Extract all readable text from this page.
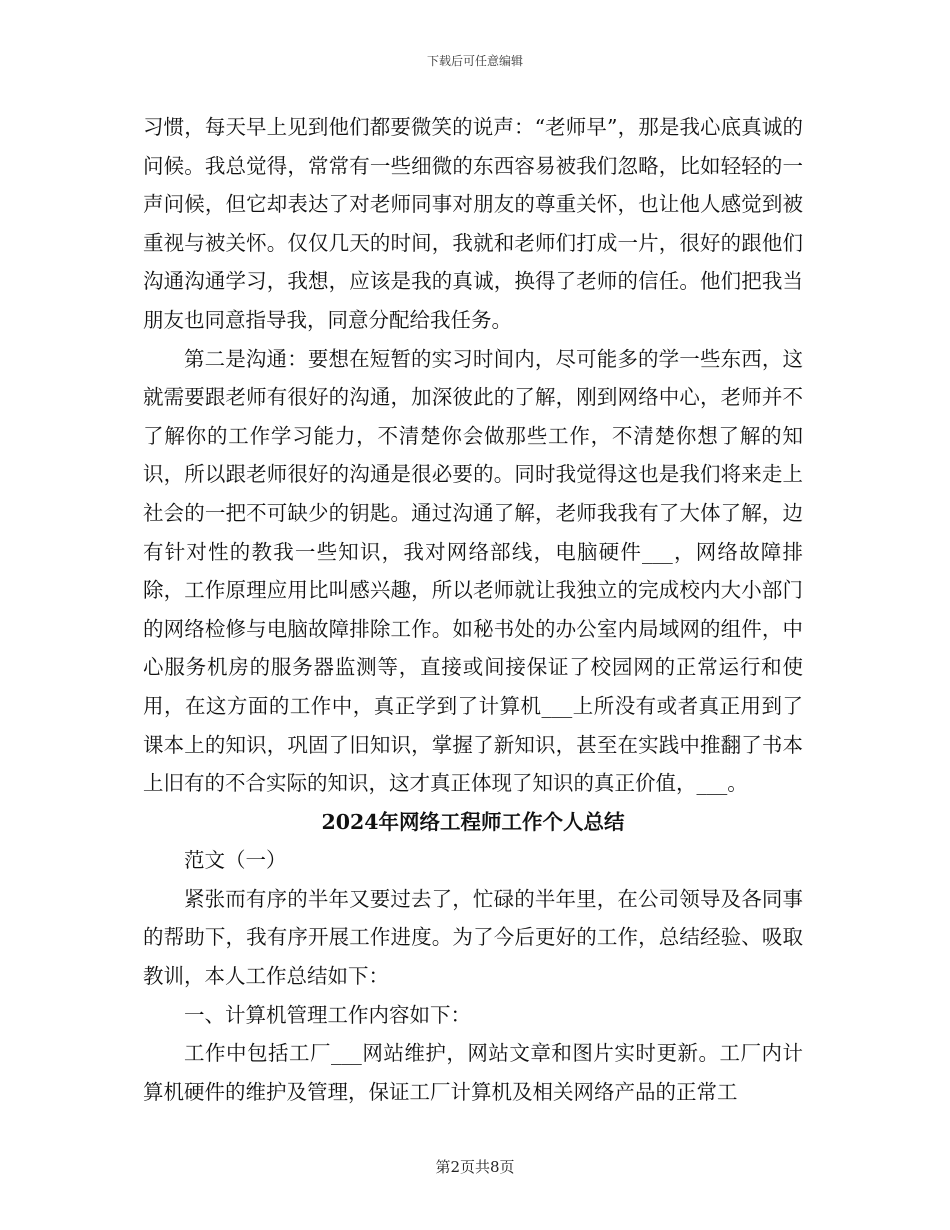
下载后可任意编辑

习惯，每天早上见到他们都要微笑的说声：“老师早”，那是我心底真诚的问候。我总觉得，常常有一些细微的东西容易被我们忽略，比如轻轻的一声问候，但它却表达了对老师同事对朋友的尊重关怀，也让他人感觉到被重视与被关怀。仅仅几天的时间，我就和老师们打成一片，很好的跟他们沟通沟通学习，我想，应该是我的真诚，换得了老师的信任。他们把我当朋友也同意指导我，同意分配给我任务。

第二是沟通：要想在短暂的实习时间内，尽可能多的学一些东西，这就需要跟老师有很好的沟通，加深彼此的了解，刚到网络中心，老师并不了解你的工作学习能力，不清楚你会做那些工作，不清楚你想了解的知识，所以跟老师很好的沟通是很必要的。同时我觉得这也是我们将来走上社会的一把不可缺少的钥匙。通过沟通了解，老师我我有了大体了解，边有针对性的教我一些知识，我对网络部线，电脑硬件___，网络故障排除，工作原理应用比叫感兴趣，所以老师就让我独立的完成校内大小部门的网络检修与电脑故障排除工作。如秘书处的办公室内局域网的组件，中心服务机房的服务器监测等，直接或间接保证了校园网的正常运行和使用，在这方面的工作中，真正学到了计算机___上所没有或者真正用到了课本上的知识，巩固了旧知识，掌握了新知识，甚至在实践中推翻了书本上旧有的不合实际的知识，这才真正体现了知识的真正价值，___。

2024年网络工程师工作个人总结

范文（一）

紧张而有序的半年又要过去了，忙碌的半年里，在公司领导及各同事的帮助下，我有序开展工作进度。为了今后更好的工作，总结经验、吸取教训，本人工作总结如下：

一、计算机管理工作内容如下：

工作中包括工厂___网站维护，网站文章和图片实时更新。工厂内计算机硬件的维护及管理，保证工厂计算机及相关网络产品的正常工

第2页共8页
